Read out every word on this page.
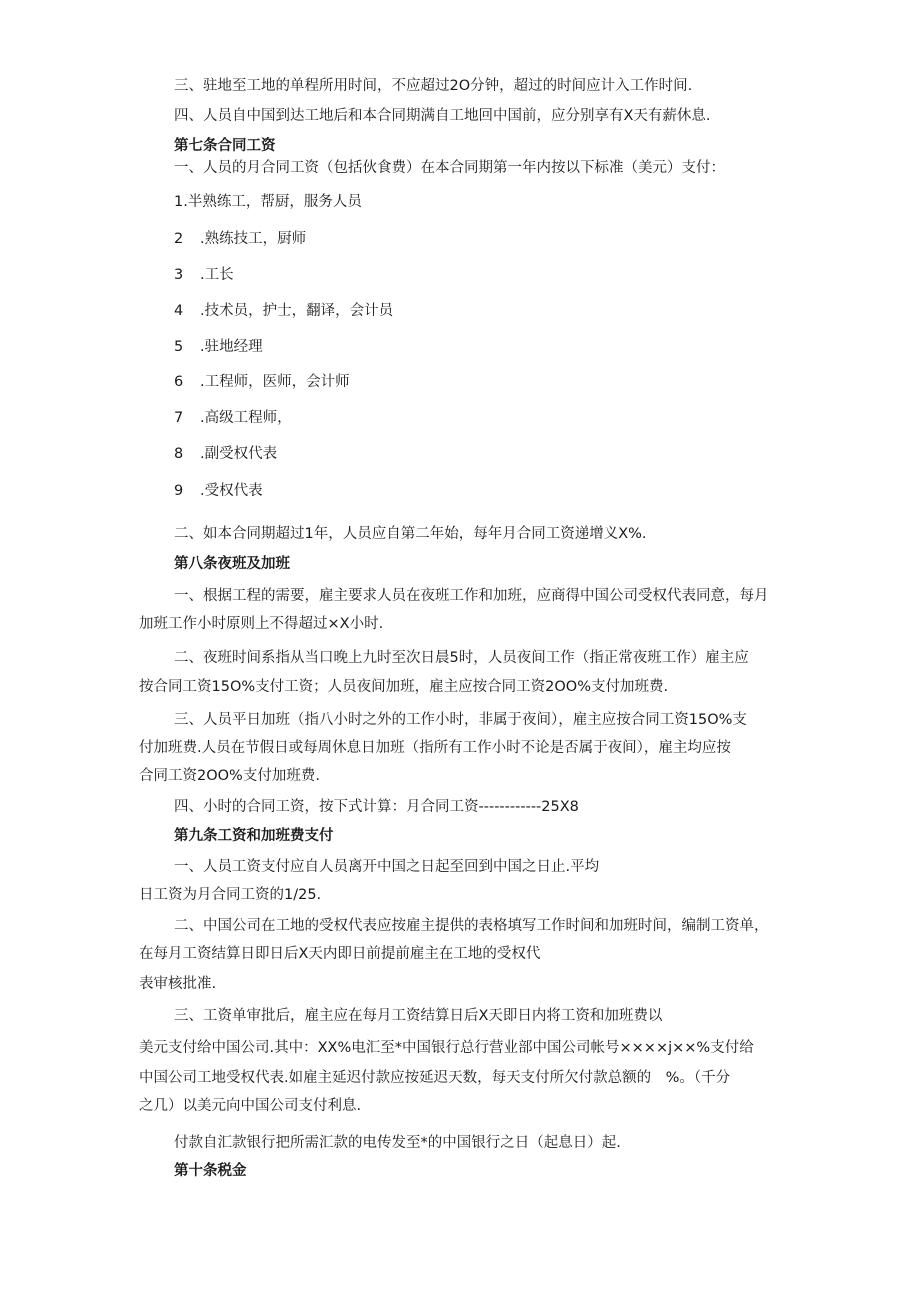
三、驻地至工地的单程所用时间，不应超过2O分钟，超过的时间应计入工作时间.
四、人员自中国到达工地后和本合同期满自工地回中国前，应分别享有X天有薪休息.
第七条合同工资
一、人员的月合同工资（包括伙食费）在本合同期第一年内按以下标准（美元）支付：
1.半熟练工，帮厨，服务人员
2 .熟练技工，厨师
3 .工长
4 .技术员，护士，翻译，会计员
5 .驻地经理
6 .工程师，医师，会计师
7 .高级工程师，
8 .副受权代表
9 .受权代表
二、如本合同期超过1年，人员应自第二年始，每年月合同工资递增义X%.
第八条夜班及加班
一、根据工程的需要，雇主要求人员在夜班工作和加班，应商得中国公司受权代表同意，每月
加班工作小时原则上不得超过×X小时.
二、夜班时间系指从当口晚上九时至次日晨5时，人员夜间工作（指正常夜班工作）雇主应
按合同工资15O%支付工资；人员夜间加班，雇主应按合同工资2OO%支付加班费.
三、人员平日加班（指八小时之外的工作小时，非属于夜间），雇主应按合同工资15O%支
付加班费.人员在节假日或每周休息日加班（指所有工作小时不论是否属于夜间），雇主均应按
合同工资2OO%支付加班费.
四、小时的合同工资，按下式计算：月合同工资------------25X8
第九条工资和加班费支付
一、人员工资支付应自人员离开中国之日起至回到中国之日止.平均
日工资为月合同工资的1/25.
二、中国公司在工地的受权代表应按雇主提供的表格填写工作时间和加班时间，编制工资单，
在每月工资结算日即日后X天内即日前提前雇主在工地的受权代
表审核批准.
三、工资单审批后，雇主应在每月工资结算日后X天即日内将工资和加班费以
美元支付给中国公司.其中：XX%电汇至*中国银行总行营业部中国公司帐号××××j××%支付给
中国公司工地受权代表.如雇主延迟付款应按延迟天数，每天支付所欠付款总额的　%。（千分
之几）以美元向中国公司支付利息.
付款自汇款银行把所需汇款的电传发至*的中国银行之日（起息日）起.
第十条税金
